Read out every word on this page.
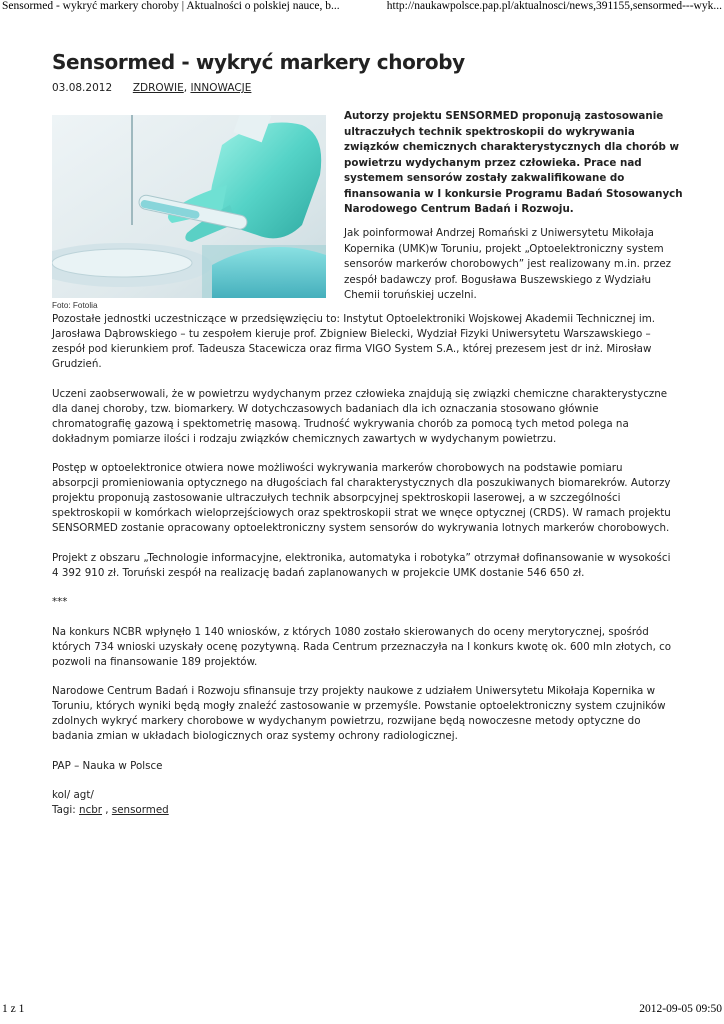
Sensormed - wykryć markery choroby | Aktualności o polskiej nauce, b...	http://naukawpolsce.pap.pl/aktualnosci/news,391155,sensormed---wyk...
Sensormed - wykryć markery choroby
03.08.2012 ZDROWIE, INNOWACJE
Foto: Fotolia
Autorzy projektu SENSORMED proponują zastosowanie ultraczułych technik spektroskopii do wykrywania związków chemicznych charakterystycznych dla chorób w powietrzu wydychanym przez człowieka. Prace nad systemem sensorów zostały zakwalifikowane do finansowania w I konkursie Programu Badań Stosowanych Narodowego Centrum Badań i Rozwoju.
Jak poinformował Andrzej Romański z Uniwersytetu Mikołaja Kopernika (UMK)w Toruniu, projekt „Optoelektroniczny system sensorów markerów chorobowych” jest realizowany m.in. przez zespół badawczy prof. Bogusława Buszewskiego z Wydziału Chemii toruńskiej uczelni.

Pozostałe jednostki uczestniczące w przedsięwzięciu to: Instytut Optoelektroniki Wojskowej Akademii Technicznej im. Jarosława Dąbrowskiego – tu zespołem kieruje prof. Zbigniew Bielecki, Wydział Fizyki Uniwersytetu Warszawskiego – zespół pod kierunkiem prof. Tadeusza Stacewicza oraz firma VIGO System S.A., której prezesem jest dr inż. Mirosław Grudzień.

Uczeni zaobserwowali, że w powietrzu wydychanym przez człowieka znajdują się związki chemiczne charakterystyczne dla danej choroby, tzw. biomarkery. W dotychczasowych badaniach dla ich oznaczania stosowano głównie chromatografię gazową i spektometrię masową. Trudność wykrywania chorób za pomocą tych metod polega na dokładnym pomiarze ilości i rodzaju związków chemicznych zawartych w wydychanym powietrzu.

Postęp w optoelektronice otwiera nowe możliwości wykrywania markerów chorobowych na podstawie pomiaru absorpcji promieniowania optycznego na długościach fal charakterystycznych dla poszukiwanych biomarekrów. Autorzy projektu proponują zastosowanie ultraczułych technik absorpcyjnej spektroskopii laserowej, a w szczególności spektroskopii w komórkach wieloprzejściowych oraz spektroskopii strat we wnęce optycznej (CRDS). W ramach projektu SENSORMED zostanie opracowany optoelektroniczny system sensorów do wykrywania lotnych markerów chorobowych.

Projekt z obszaru „Technologie informacyjne, elektronika, automatyka i robotyka” otrzymał dofinansowanie w wysokości 4 392 910 zł. Toruński zespół na realizację badań zaplanowanych w projekcie UMK dostanie 546 650 zł.

***

Na konkurs NCBR wpłynęło 1 140 wniosków, z których 1080 zostało skierowanych do oceny merytorycznej, spośród których 734 wnioski uzyskały ocenę pozytywną. Rada Centrum przeznaczyła na I konkurs kwotę ok. 600 mln złotych, co pozwoli na finansowanie 189 projektów.

Narodowe Centrum Badań i Rozwoju sfinansuje trzy projekty naukowe z udziałem Uniwersytetu Mikołaja Kopernika w Toruniu, których wyniki będą mogły znaleźć zastosowanie w przemyśle. Powstanie optoelektroniczny system czujników zdolnych wykryć markery chorobowe w wydychanym powietrzu, rozwijane będą nowoczesne metody optyczne do badania zmian w układach biologicznych oraz systemy ochrony radiologicznej.

PAP – Nauka w Polsce

kol/ agt/
Tagi: ncbr , sensormed
1 z 1	2012-09-05 09:50
